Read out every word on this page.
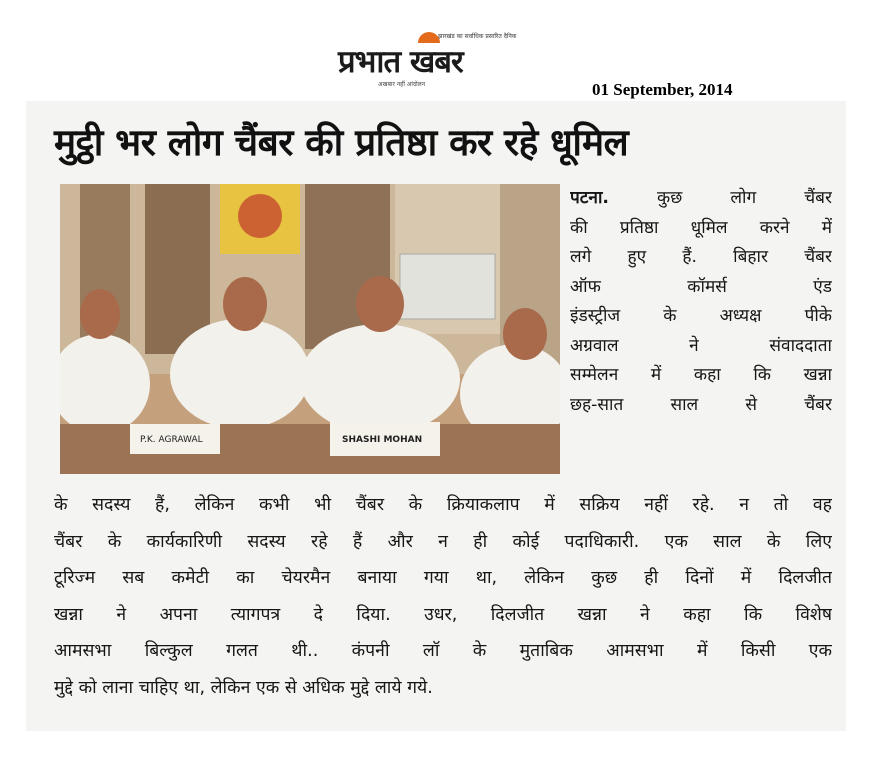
प्रभात खबर
झारखंड का सर्वाधिक प्रसारित दैनिक
अखबार नहीं आंदोलन	01 September, 2014
मुट्ठी भर लोग चैंबर की प्रतिष्ठा कर रहे धूमिल
P.K. AGRAWAL	SHASHI MOHAN
पटना.	कुछ लोग चैंबर
की प्रतिष्ठा धूमिल करने में
लगे हुए हैं. बिहार चैंबर
ऑफ कॉमर्स एंड
इंडस्ट्रीज के अध्यक्ष पीके
अग्रवाल ने संवाददाता
सम्मेलन में कहा कि खन्ना
छह-सात साल से चैंबर
के सदस्य हैं, लेकिन कभी भी चैंबर के क्रियाकलाप में सक्रिय नहीं रहे. न तो वह
चैंबर के कार्यकारिणी सदस्य रहे हैं और न ही कोई पदाधिकारी. एक साल के लिए
टूरिज्म सब कमेटी का चेयरमैन बनाया गया था, लेकिन कुछ ही दिनों में दिलजीत
खन्ना ने अपना त्यागपत्र दे दिया. उधर, दिलजीत खन्ना ने कहा कि विशेष
आमसभा बिल्कुल गलत थी.. कंपनी लॉ के मुताबिक आमसभा में किसी एक
मुद्दे को लाना चाहिए था, लेकिन एक से अधिक मुद्दे लाये गये.
